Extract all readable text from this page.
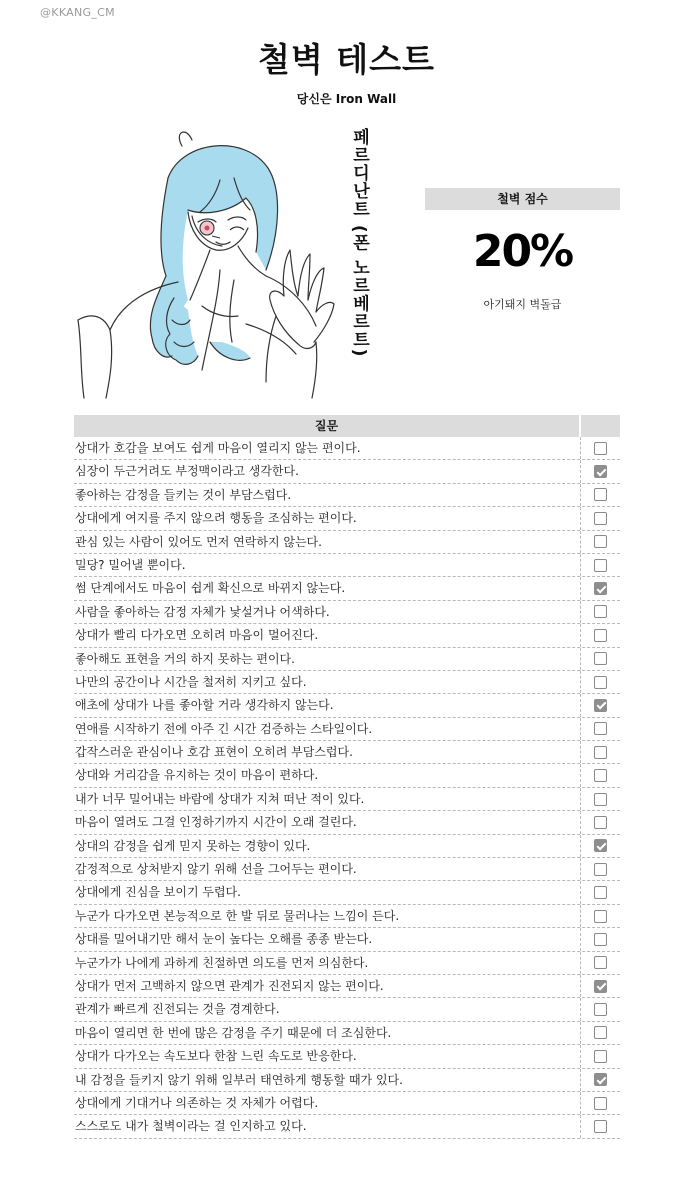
@KKANG_CM
철벽 테스트
당신은 Iron Wall
페르디난트 (폰 노르베르트)	철벽 점수
20%
아기돼지 벽돌급
질문
상대가 호감을 보여도 쉽게 마음이 열리지 않는 편이다.
심장이 두근거려도 부정맥이라고 생각한다.
좋아하는 감정을 들키는 것이 부담스럽다.
상대에게 여지를 주지 않으려 행동을 조심하는 편이다.
관심 있는 사람이 있어도 먼저 연락하지 않는다.
밀당? 밀어낼 뿐이다.
썸 단계에서도 마음이 쉽게 확신으로 바뀌지 않는다.
사람을 좋아하는 감정 자체가 낯설거나 어색하다.
상대가 빨리 다가오면 오히려 마음이 멀어진다.
좋아해도 표현을 거의 하지 못하는 편이다.
나만의 공간이나 시간을 철저히 지키고 싶다.
애초에 상대가 나를 좋아할 거라 생각하지 않는다.
연애를 시작하기 전에 아주 긴 시간 검증하는 스타일이다.
갑작스러운 관심이나 호감 표현이 오히려 부담스럽다.
상대와 거리감을 유지하는 것이 마음이 편하다.
내가 너무 밀어내는 바람에 상대가 지쳐 떠난 적이 있다.
마음이 열려도 그걸 인정하기까지 시간이 오래 걸린다.
상대의 감정을 쉽게 믿지 못하는 경향이 있다.
감정적으로 상처받지 않기 위해 선을 그어두는 편이다.
상대에게 진심을 보이기 두렵다.
누군가 다가오면 본능적으로 한 발 뒤로 물러나는 느낌이 든다.
상대를 밀어내기만 해서 눈이 높다는 오해를 종종 받는다.
누군가가 나에게 과하게 친절하면 의도를 먼저 의심한다.
상대가 먼저 고백하지 않으면 관계가 진전되지 않는 편이다.
관계가 빠르게 진전되는 것을 경계한다.
마음이 열리면 한 번에 많은 감정을 주기 때문에 더 조심한다.
상대가 다가오는 속도보다 한참 느린 속도로 반응한다.
내 감정을 들키지 않기 위해 일부러 태연하게 행동할 때가 있다.
상대에게 기대거나 의존하는 것 자체가 어렵다.
스스로도 내가 철벽이라는 걸 인지하고 있다.
